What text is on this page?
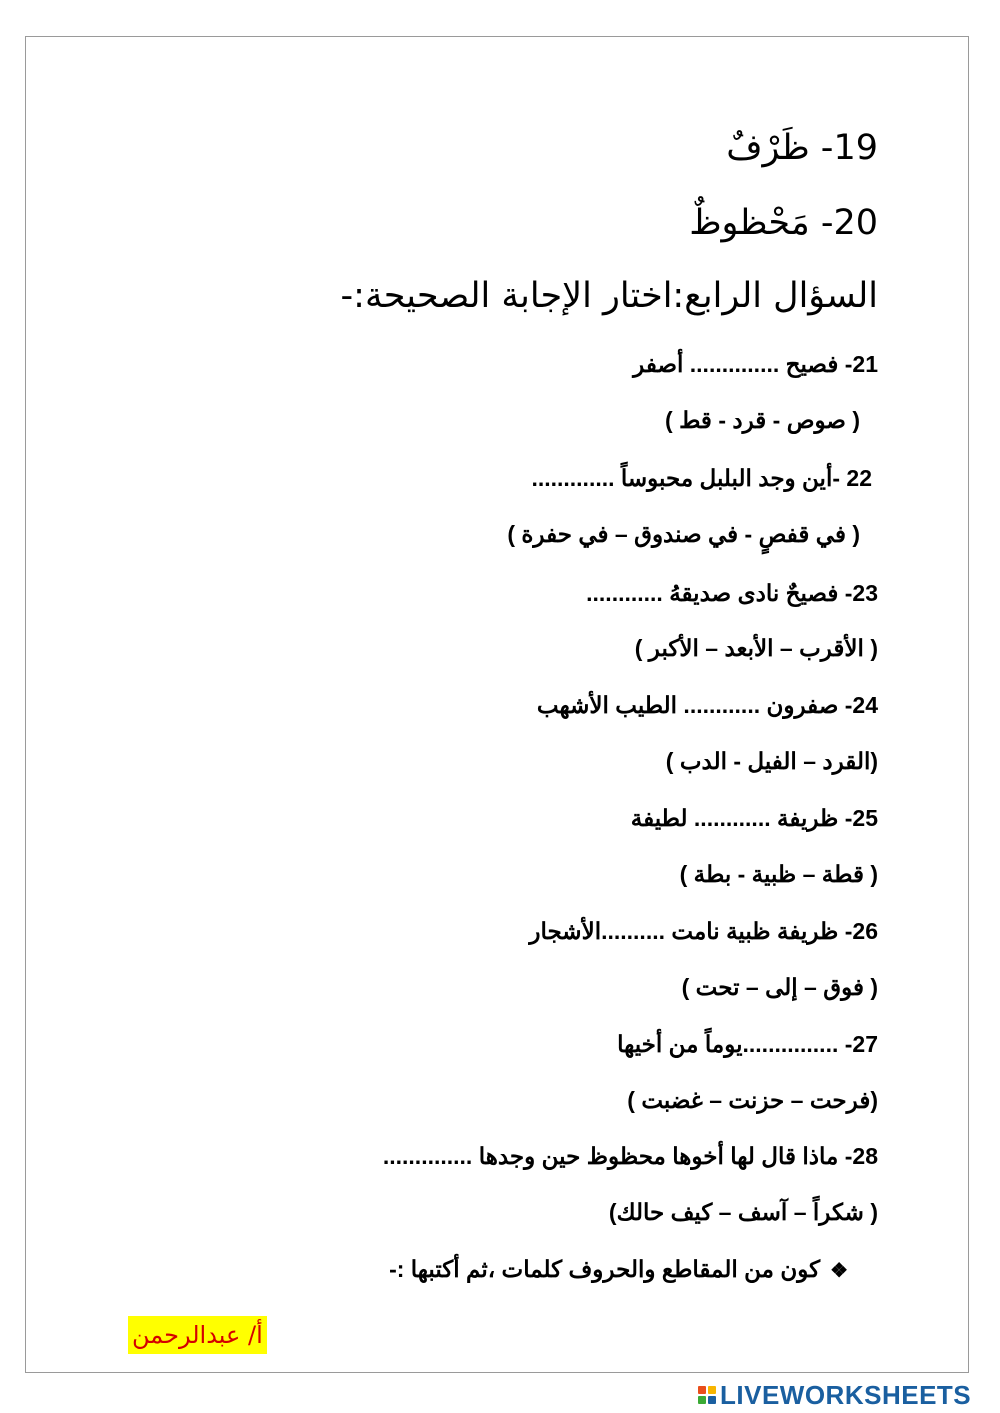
19- ظَرْفٌ
20- مَحْظوظٌ
السؤال الرابع:اختار الإجابة الصحيحة:-
21- فصيح .............. أصفر
( صوص - قرد - قط )
22 -أين وجد البلبل محبوساً .............
( في قفصٍ - في صندوق – في حفرة )
23- فصيحٌ نادى صديقهُ ............
( الأقرب – الأبعد – الأكبر )
24- صفرون ............ الطيب الأشهب
(القرد – الفيل - الدب )
25- ظريفة ............ لطيفة
( قطة – ظبية - بطة )
26- ظريفة ظبية نامت ..........الأشجار
( فوق – إلى – تحت )
27- ...............يوماً من أخيها
(فرحت – حزنت – غضبت )
28- ماذا قال لها أخوها محظوظ حين وجدها ..............
( شكراً – آسف – كيف حالك)
❖كون من المقاطع والحروف كلمات ،ثم أكتبها :-
أ/ عبدالرحمن
LIVEWORKSHEETS
